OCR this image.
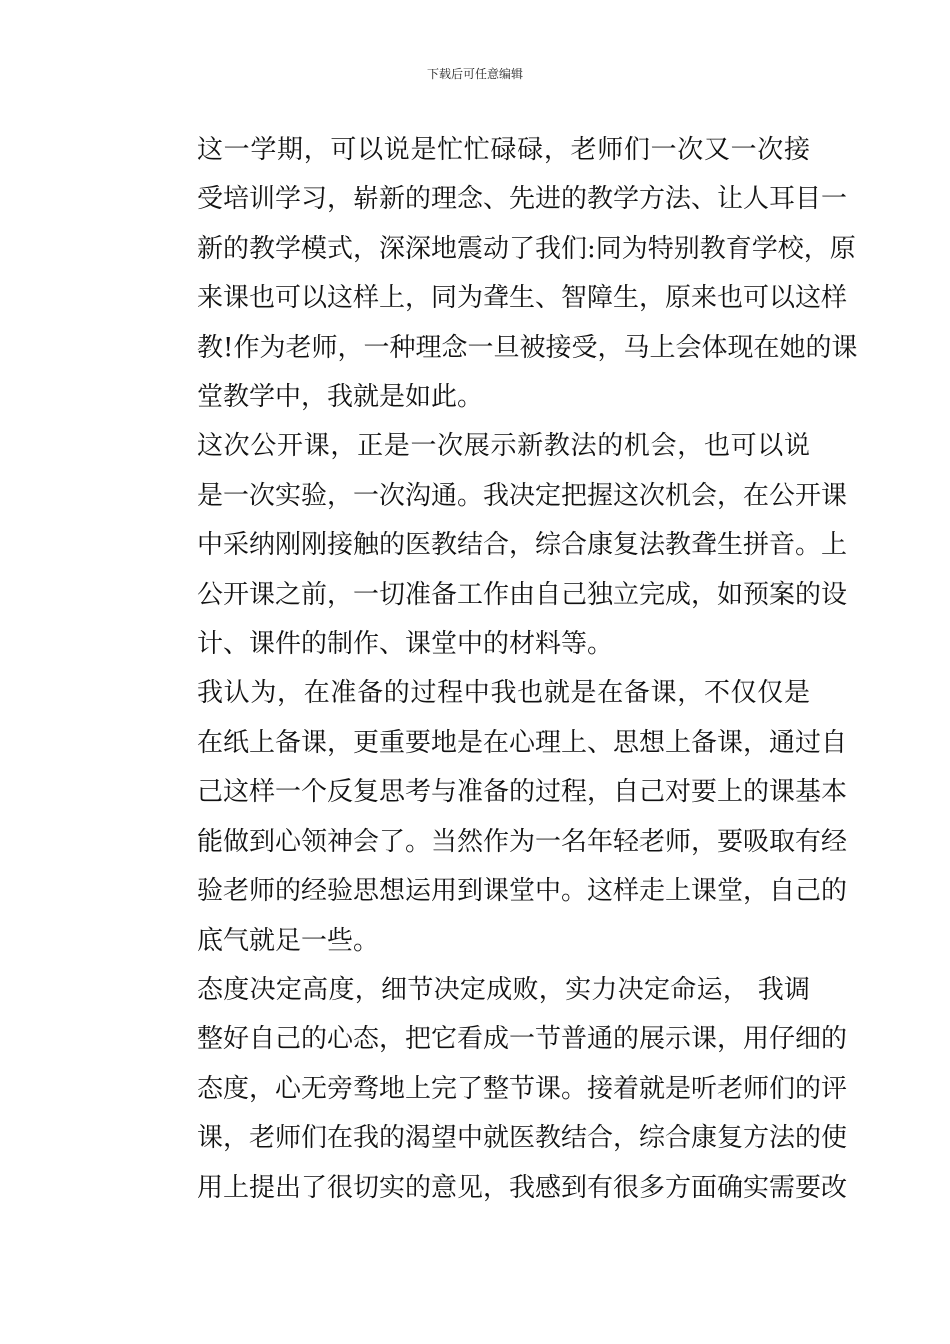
下载后可任意编辑
这一学期，可以说是忙忙碌碌，老师们一次又一次接
受培训学习，崭新的理念、先进的教学方法、让人耳目一
新的教学模式，深深地震动了我们:同为特别教育学校，原
来课也可以这样上，同为聋生、智障生，原来也可以这样
教!作为老师，一种理念一旦被接受，马上会体现在她的课
堂教学中，我就是如此。
这次公开课，正是一次展示新教法的机会，也可以说
是一次实验，一次沟通。我决定把握这次机会，在公开课
中采纳刚刚接触的医教结合，综合康复法教聋生拼音。上
公开课之前，一切准备工作由自己独立完成，如预案的设
计、课件的制作、课堂中的材料等。
我认为，在准备的过程中我也就是在备课，不仅仅是
在纸上备课，更重要地是在心理上、思想上备课，通过自
己这样一个反复思考与准备的过程，自己对要上的课基本
能做到心领神会了。当然作为一名年轻老师，要吸取有经
验老师的经验思想运用到课堂中。这样走上课堂，自己的
底气就足一些。
态度决定高度，细节决定成败，实力决定命运， 我调
整好自己的心态，把它看成一节普通的展示课，用仔细的
态度，心无旁骛地上完了整节课。接着就是听老师们的评
课，老师们在我的渴望中就医教结合，综合康复方法的使
用上提出了很切实的意见，我感到有很多方面确实需要改
